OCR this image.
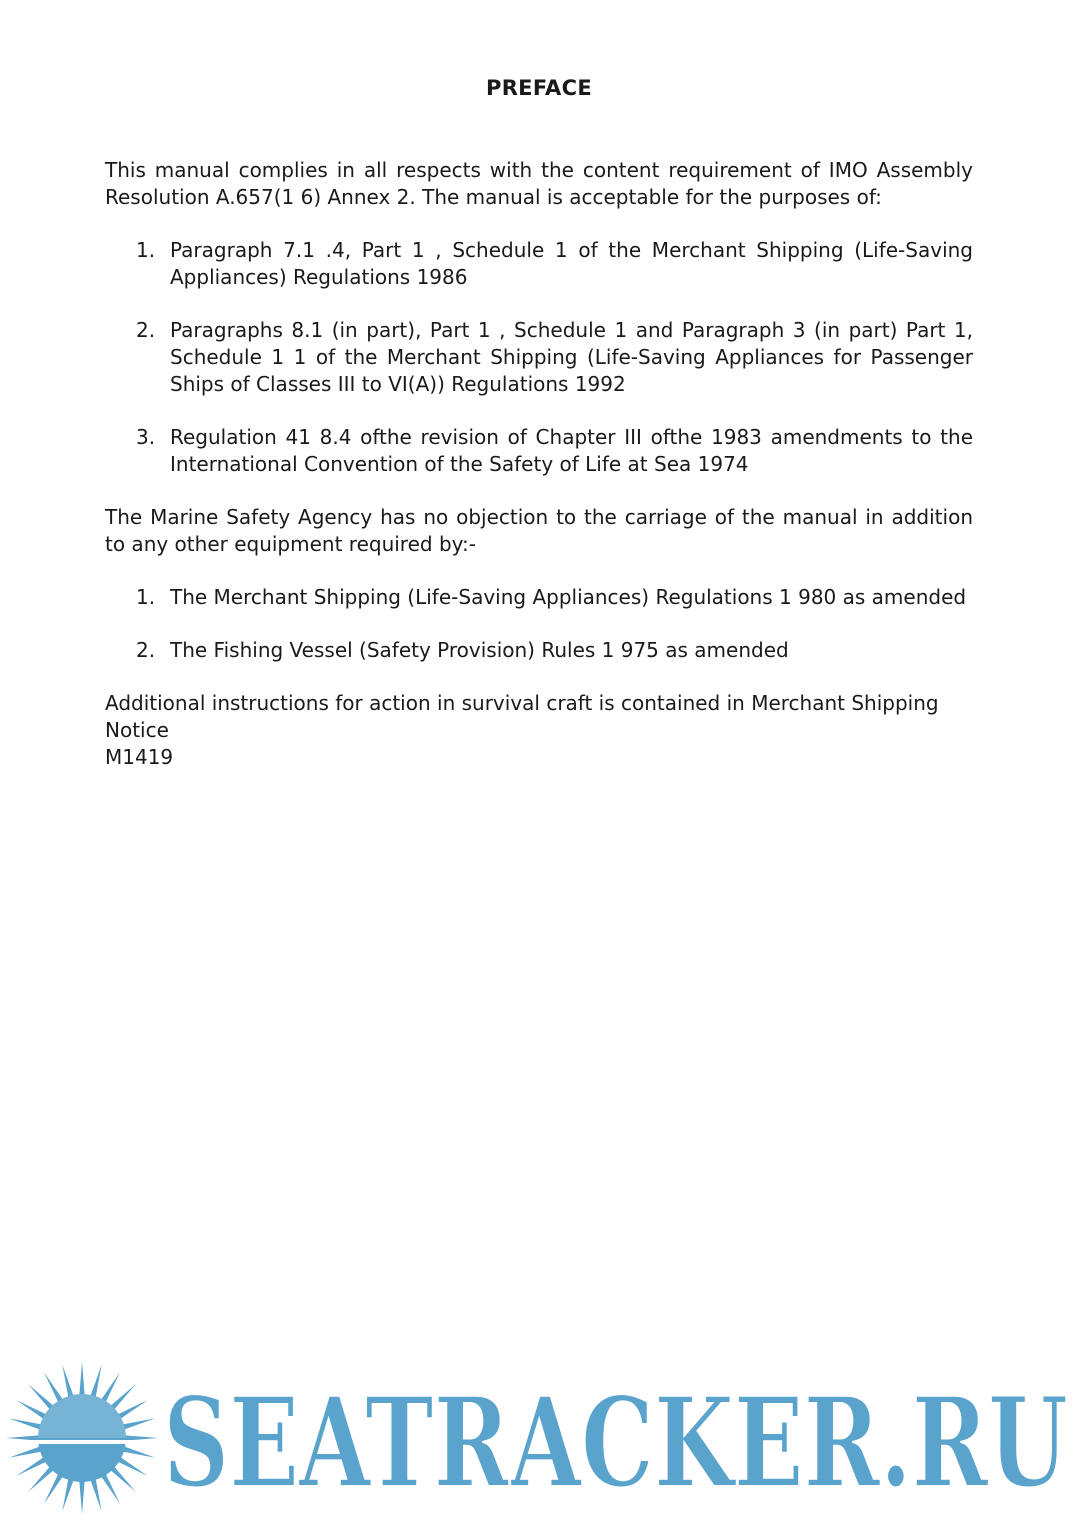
PREFACE

This manual complies in all respects with the content requirement of IMO Assembly Resolution A.657(1 6) Annex 2. The manual is acceptable for the purposes of:

1. Paragraph 7.1 .4, Part 1 , Schedule 1 of the Merchant Shipping (Life-Saving Appliances) Regulations 1986
2. Paragraphs 8.1 (in part), Part 1 , Schedule 1 and Paragraph 3 (in part) Part 1, Schedule 1 1 of the Merchant Shipping (Life-Saving Appliances for Passenger Ships of Classes III to VI(A)) Regulations 1992
3. Regulation 41 8.4 ofthe revision of Chapter III ofthe 1983 amendments to the International Convention of the Safety of Life at Sea 1974

The Marine Safety Agency has no objection to the carriage of the manual in addition to any other equipment required by:-

1. The Merchant Shipping (Life-Saving Appliances) Regulations 1 980 as amended
2. The Fishing Vessel (Safety Provision) Rules 1 975 as amended

Additional instructions for action in survival craft is contained in Merchant Shipping
Notice
M1419

SEATRACKER.RU
